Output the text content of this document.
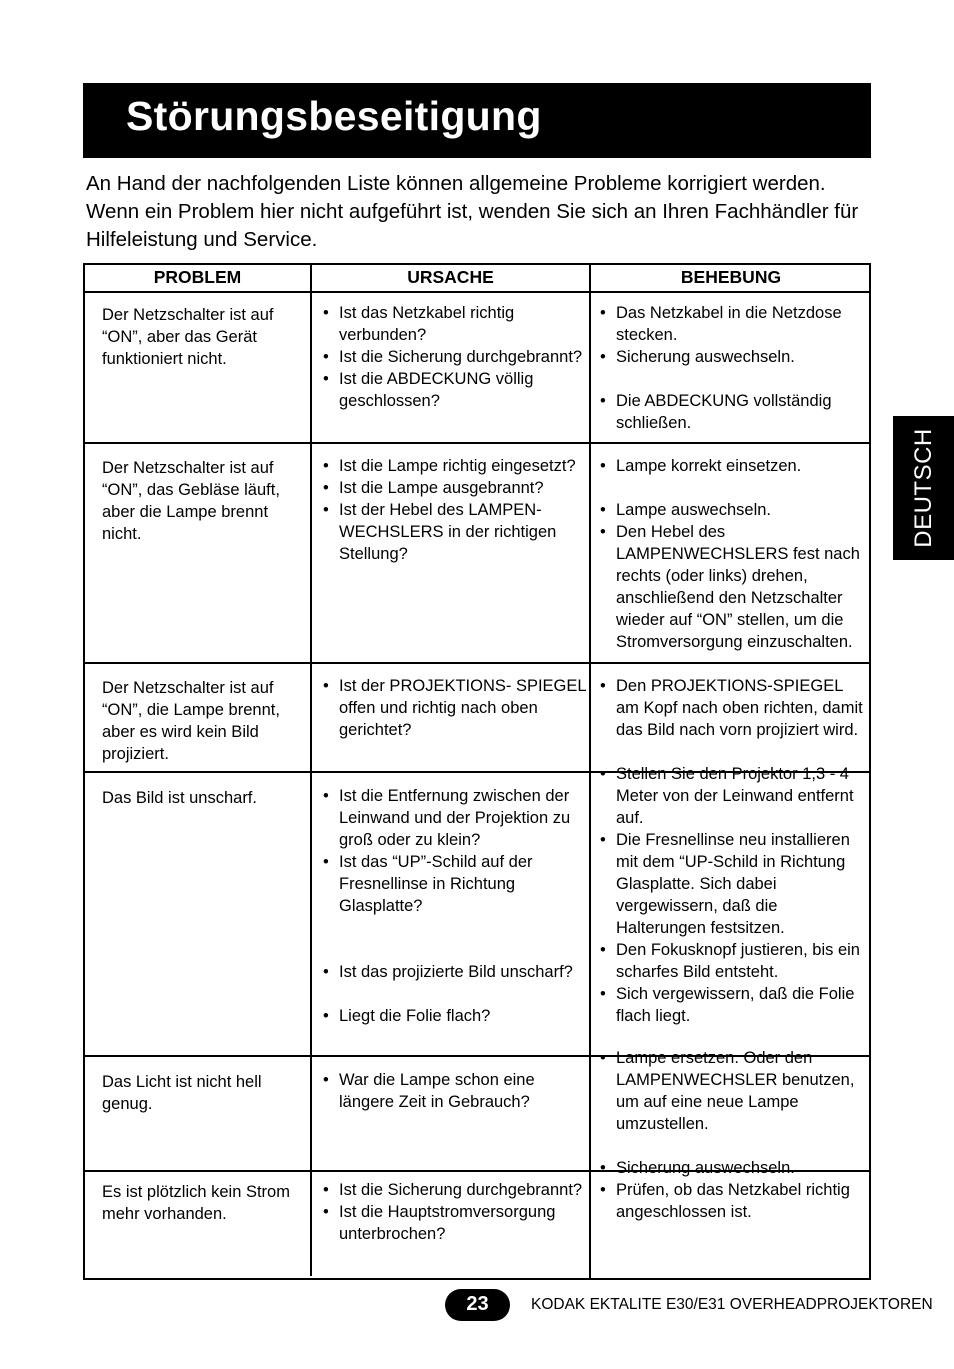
Störungsbeseitigung

An Hand der nachfolgenden Liste können allgemeine Probleme korrigiert werden. Wenn ein Problem hier nicht aufgeführt ist, wenden Sie sich an Ihren Fachhändler für Hilfeleistung und Service.

DEUTSCH
PROBLEM	URSACHE	BEHEBUNG
Der Netzschalter ist auf “ON”, aber das Gerät funktioniert nicht.
• Ist das Netzkabel richtig verbunden?
• Ist die Sicherung durchgebrannt?
• Ist die ABDECKUNG völlig geschlossen?
• Das Netzkabel in die Netzdose stecken.
• Sicherung auswechseln.
• Die ABDECKUNG vollständig schließen.
Der Netzschalter ist auf “ON”, das Gebläse läuft, aber die Lampe brennt nicht.
• Ist die Lampe richtig eingesetzt?
• Ist die Lampe ausgebrannt?
• Ist der Hebel des LAMPEN-WECHSLERS in der richtigen Stellung?
• Lampe korrekt einsetzen.
• Lampe auswechseln.
• Den Hebel des LAMPENWECHSLERS fest nach rechts (oder links) drehen, anschließend den Netzschalter wieder auf “ON” stellen, um die Stromversorgung einzuschalten.
Der Netzschalter ist auf “ON”, die Lampe brennt, aber es wird kein Bild projiziert.
• Ist der PROJEKTIONS- SPIEGEL offen und richtig nach oben gerichtet?
• Den PROJEKTIONS-SPIEGEL am Kopf nach oben richten, damit das Bild nach vorn projiziert wird.
Das Bild ist unscharf.
•	Ist die Entfernung zwischen der Leinwand und der Projektion zu groß oder zu klein?
• Ist das “UP”-Schild auf der Fresnellinse in Richtung Glasplatte?
• Ist das projizierte Bild unscharf?
• Liegt die Folie flach?
• Stellen Sie den Projektor 1,3 - 4 Meter von der Leinwand entfernt auf.
• Die Fresnellinse neu installieren mit dem “UP-Schild in Richtung Glasplatte. Sich dabei vergewissern, daß die Halterungen festsitzen.
• Den Fokusknopf justieren, bis ein scharfes Bild entsteht.
• Sich vergewissern, daß die Folie flach liegt.
Das Licht ist nicht hell genug.
• War die Lampe schon eine längere Zeit in Gebrauch?
• Lampe ersetzen. Oder den LAMPENWECHSLER benutzen, um auf eine neue Lampe umzustellen.
• Sicherung auswechseln.
Es ist plötzlich kein Strom mehr vorhanden.
• Ist die Sicherung durchgebrannt?
• Ist die Hauptstromversorgung unterbrochen?
• Prüfen, ob das Netzkabel richtig angeschlossen ist.
23	KODAK EKTALITE E30/E31 OVERHEADPROJEKTOREN
